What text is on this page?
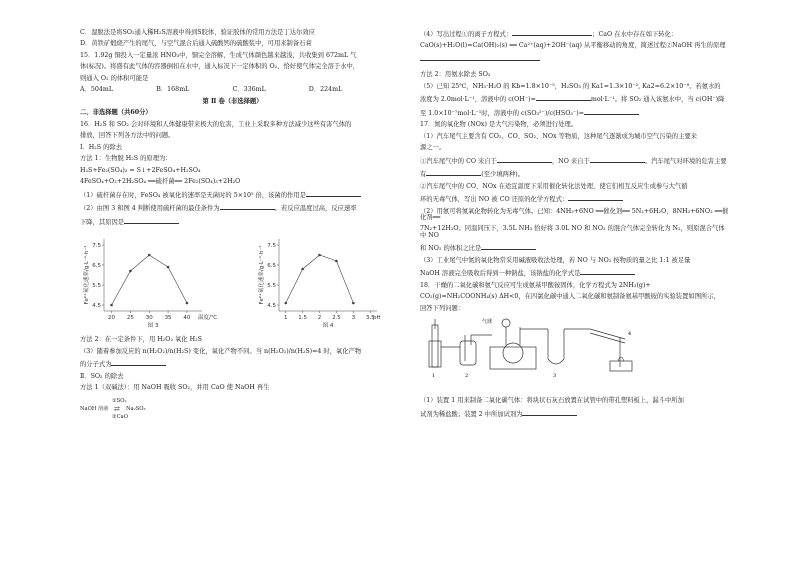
C．湿脱法是将SO₂通入稀H₂S溶液中得到S胶体，验证胶体的常用方法是丁达尔效应

D．黄铁矿煅烧产生的尾气，与空气混合后通入硫酸钙的硫酸浆中，可用来制备石膏

15．1.92g 铜投入一定量浓 HNO₃中，铜完全溶解，生成气体颜色越来越浅，共收集到 672mL 气

体(标况)。将盛有此气体的容器倒扣在水中，通入标况下一定体积的 O₂，恰好使气体完全溶于水中，

则通入 O₂ 的体积可能是

A．504mL	B．168mL	C．336mL	D．224mL

第 Ⅱ 卷（非选择题）

二、非选择题（共60分）

16．H₂S 和 SO₂ 会对环境和人体健康带来极大的危害，工业上采取多种方法减少这些有害气体的

排放，回答下列各方法中的问题。

Ⅰ．H₂S 的除去

方法 1：生物脱 H₂S 的原理为：

H₂S+Fe₂(SO₄)₃ = S↓+2FeSO₄+H₂SO₄

4FeSO₄+O₂+2H₂SO₄ ══硫杆菌══ 2Fe₂(SO₄)₃+2H₂O

（1）硫杆菌存在时，FeSO₄ 被氧化的速率是无菌时的 5×10⁵ 倍，该菌的作用是

（2）由图 3 和图 4 判断使用硫杆菌的最佳条件为	。若反应温度过高，反应速率

下降，其原因是

4.5
5.5
6.5
7.5
20 25 30 35 40 温度/℃
Fe²⁺氧化速率/g·L⁻¹·h⁻¹
图 3
4.5
5.5
6.5
7.5
1 1.5 2 2.5 3 3.5
pH
Fe²⁺氧化速率/g·L⁻¹·h⁻¹
图 4

方法 2：在一定条件下，用 H₂O₂ 氧化 H₂S

（3）随着参加反应的 n(H₂O₂)/n(H₂S) 变化，氧化产物不同。当 n(H₂O₂)/n(H₂S)=4 时，氧化产物

的分子式为

Ⅱ．SO₂ 的除去

方法 1（双碱法）：用 NaOH 吸收 SO₂，并用 CaO 使 NaOH 再生

NaOH 溶液
①SO₂
⇄
②CaO
Na₂SO₃

（4）写出过程①的离子方程式：	；CaO 在水中存在如下转化：

CaO(s)+H₂O(l)=Ca(OH)₂(s) ══ Ca²⁺(aq)+2OH⁻(aq) 从平衡移动的角度，简述过程②NaOH 再生的原理

方法 2：用氨水除去 SO₂

（5）已知 25℃，NH₃·H₂O 的 Kb=1.8×10⁻⁵，H₂SO₃ 的 Ka1=1.3×10⁻², Ka2=6.2×10⁻⁸。若氨水的

浓度为 2.0mol·L⁻¹，溶液中的 c(OH⁻)=	mol·L⁻¹。将 SO₂ 通入该氨水中，当 c(OH⁻)降

至 1.0×10⁻⁷mol·L⁻¹时，溶液中的 c(SO₃²⁻)/c(HSO₃⁻)=

17．氮的氧化物 (NOx) 是大气污染物，必须进行处理。

（1）汽车尾气主要含有 CO₂、CO、SO₂、NOx 等物质，这种尾气逐渐成为城市空气污染的主要来

源之一。

①汽车尾气中的 CO 来自于	，NO 来自于	。汽车尾气对环境的危害主要

有	(至少填两种)。

②汽车尾气中的 CO、NOx 在适宜温度下采用催化转化法处理，使它们相互反应生成参与大气循

环的无毒气体，写出 NO 被 CO 还原的化学方程式：

（2）用氨可将氮氧化物转化为无毒气体。已知：4NH₃+6NO ══催化剂══ 5N₂+6H₂O，8NH₃+6NO₂ ══催化剂══

7N₂+12H₂O。同温同压下，3.5L NH₃ 恰好将 3.0L NO 和 NO₂ 的混合气体完全转化为 N₂，则原混合气体中 NO

和 NO₂ 的体积之比是

（3）工业尾气中氮的氧化物常采用碱液吸收法处理，若 NO 与 NO₂ 按物质的量之比 1:1 被足量

NaOH 溶液完全吸收后得到一种钠盐，该钠盐的化学式是

18．干燥的二氧化碳和氨气反应可生成氨基甲酸铵固体，化学方程式为 2NH₃(g)+

CO₂(g)=NH₂COONH₄(s) ΔH<0，在四氯化碳中通入二氧化碳和氨制备氨基甲酸铵的实验装置如图所示，

回答下列问题：

1	2
气球
3
4

（1）装置 1 用来制备二氧化碳气体：将块状石灰石放置在试管中的带孔塑料板上，漏斗中所加

试剂为稀盐酸；装置 2 中所加试剂为
